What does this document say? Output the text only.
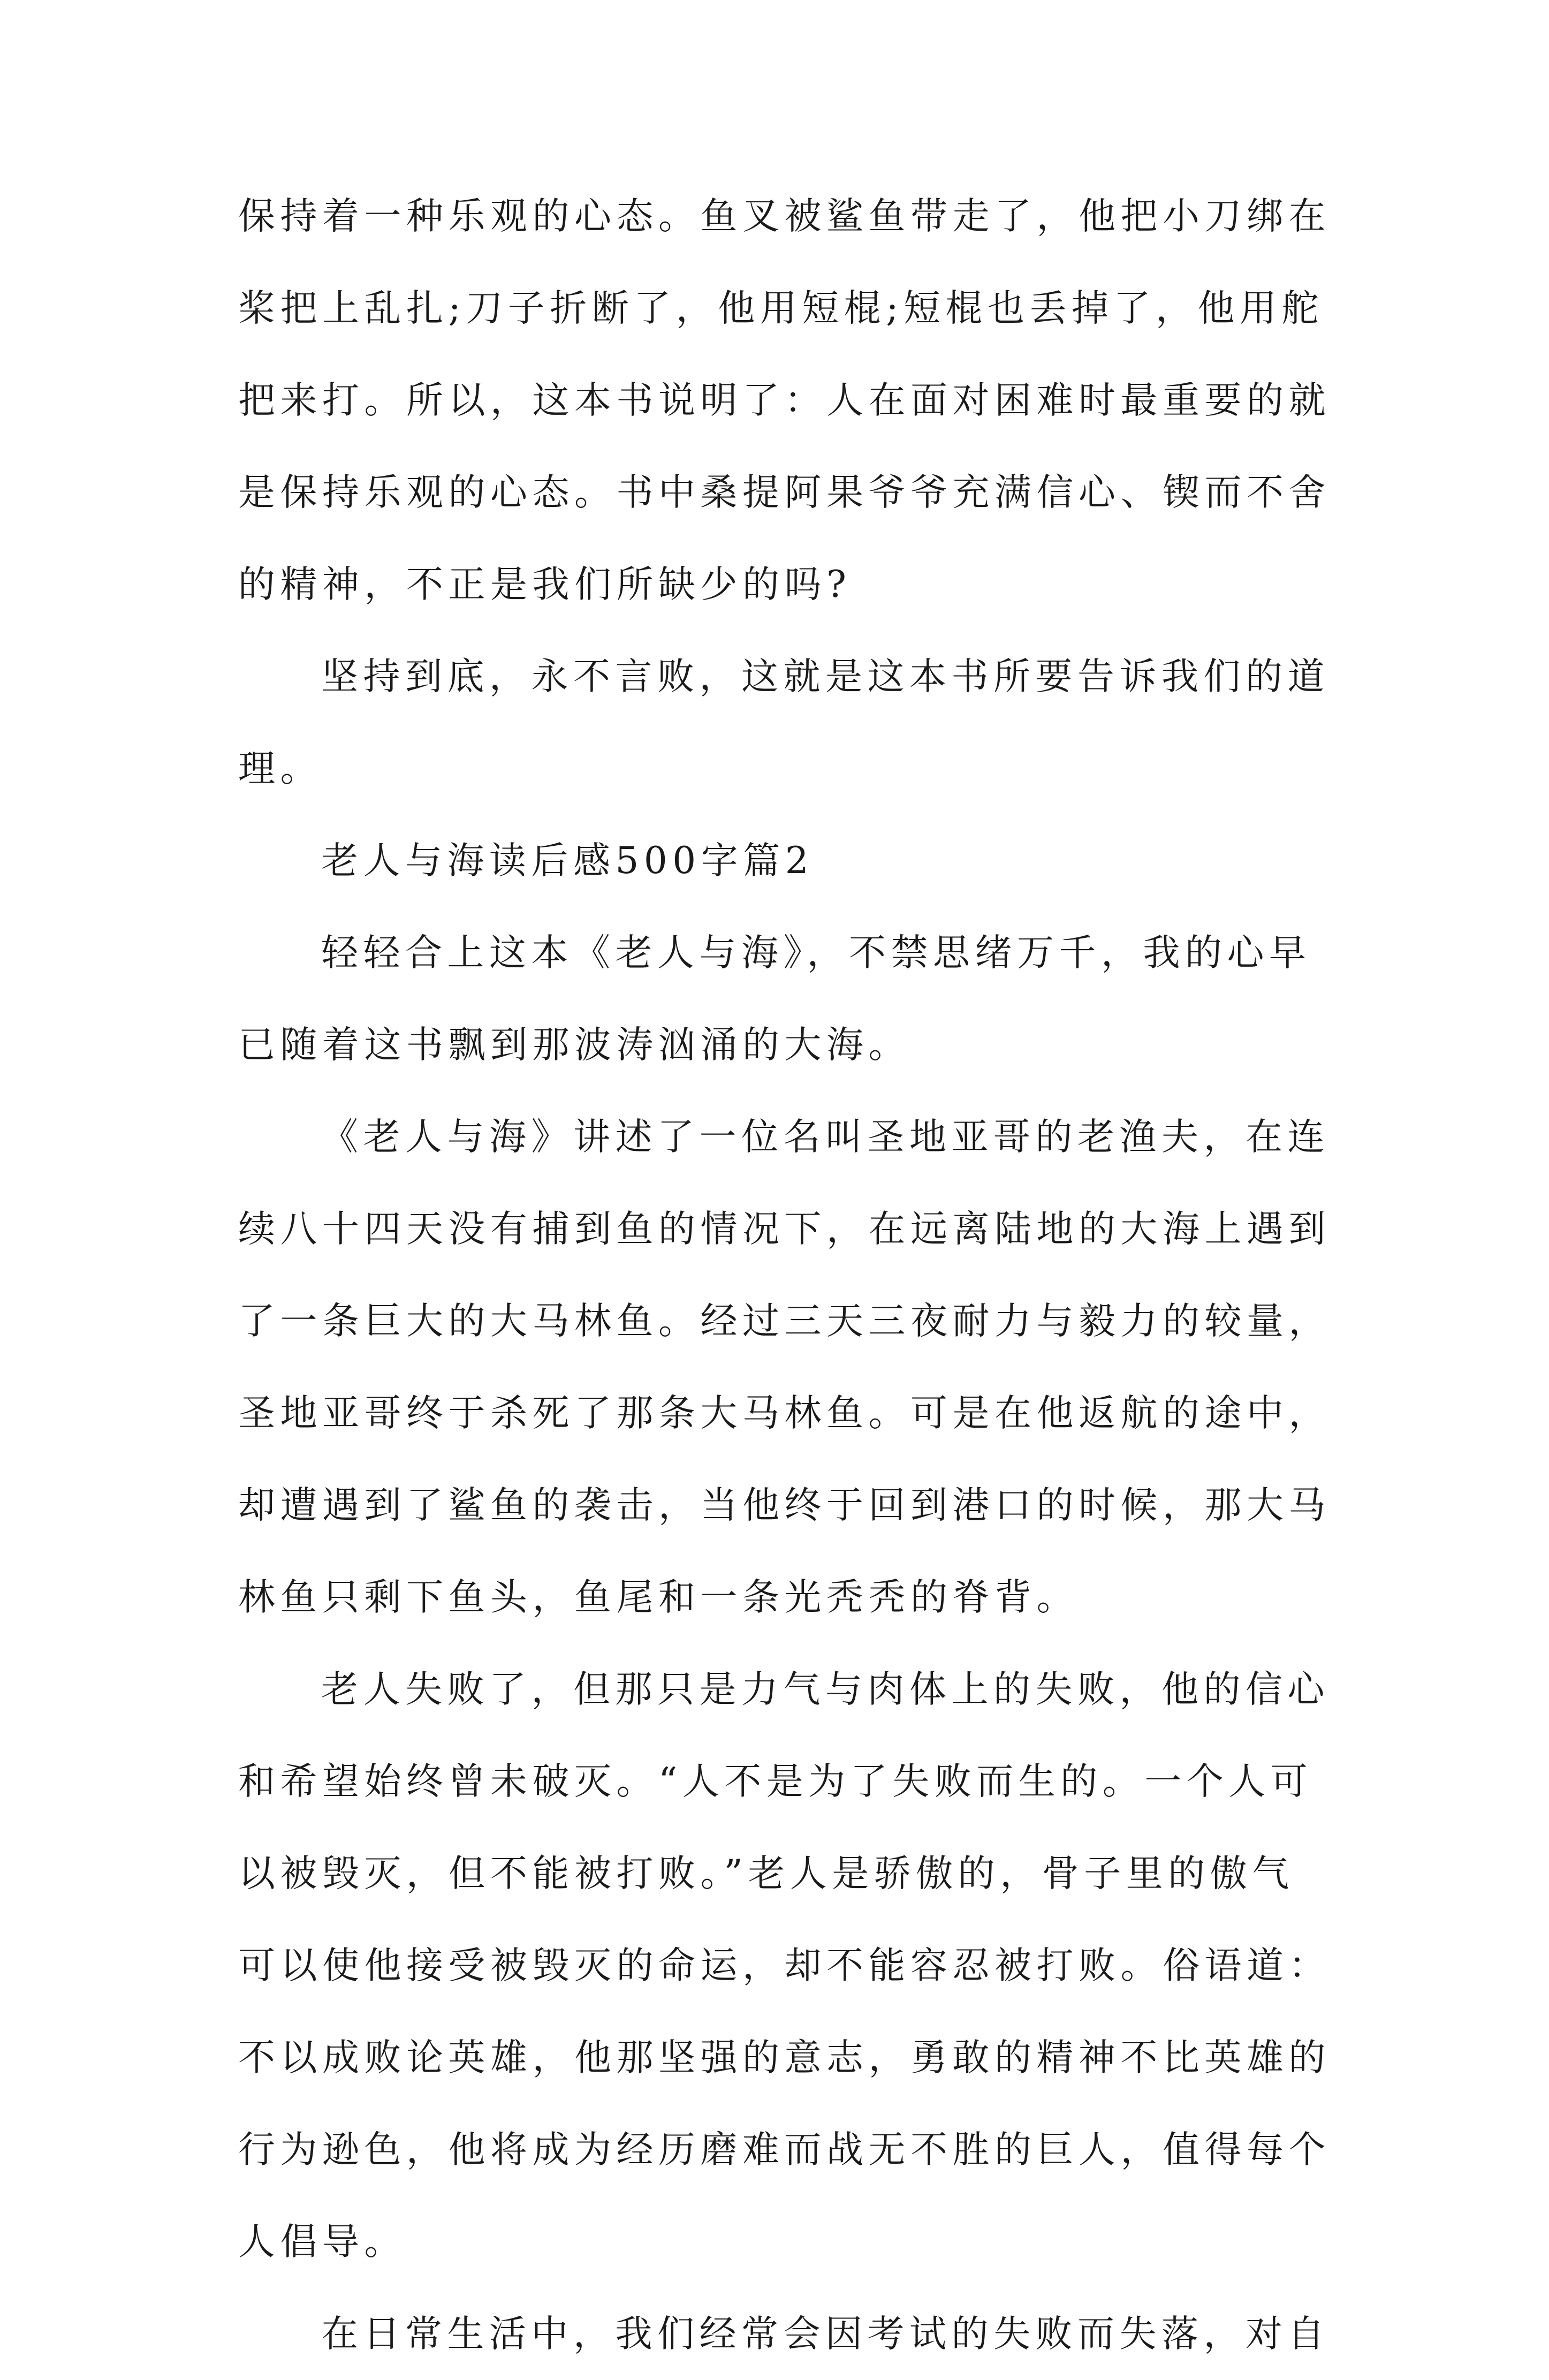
保持着一种乐观的心态。鱼叉被鲨鱼带走了，他把小刀绑在
桨把上乱扎;刀子折断了，他用短棍;短棍也丢掉了，他用舵
把来打。所以，这本书说明了：人在面对困难时最重要的就
是保持乐观的心态。书中桑提阿果爷爷充满信心、锲而不舍
的精神，不正是我们所缺少的吗?
坚持到底，永不言败，这就是这本书所要告诉我们的道
理。
老人与海读后感500字篇2
轻轻合上这本《老人与海》，不禁思绪万千，我的心早
已随着这书飘到那波涛汹涌的大海。
《老人与海》讲述了一位名叫圣地亚哥的老渔夫，在连
续八十四天没有捕到鱼的情况下，在远离陆地的大海上遇到
了一条巨大的大马林鱼。经过三天三夜耐力与毅力的较量，
圣地亚哥终于杀死了那条大马林鱼。可是在他返航的途中，
却遭遇到了鲨鱼的袭击，当他终于回到港口的时候，那大马
林鱼只剩下鱼头，鱼尾和一条光秃秃的脊背。
老人失败了，但那只是力气与肉体上的失败，他的信心
和希望始终曾未破灭。“人不是为了失败而生的。一个人可
以被毁灭，但不能被打败。”老人是骄傲的，骨子里的傲气
可以使他接受被毁灭的命运，却不能容忍被打败。俗语道：
不以成败论英雄，他那坚强的意志，勇敢的精神不比英雄的
行为逊色，他将成为经历磨难而战无不胜的巨人，值得每个
人倡导。
在日常生活中，我们经常会因考试的失败而失落，对自
